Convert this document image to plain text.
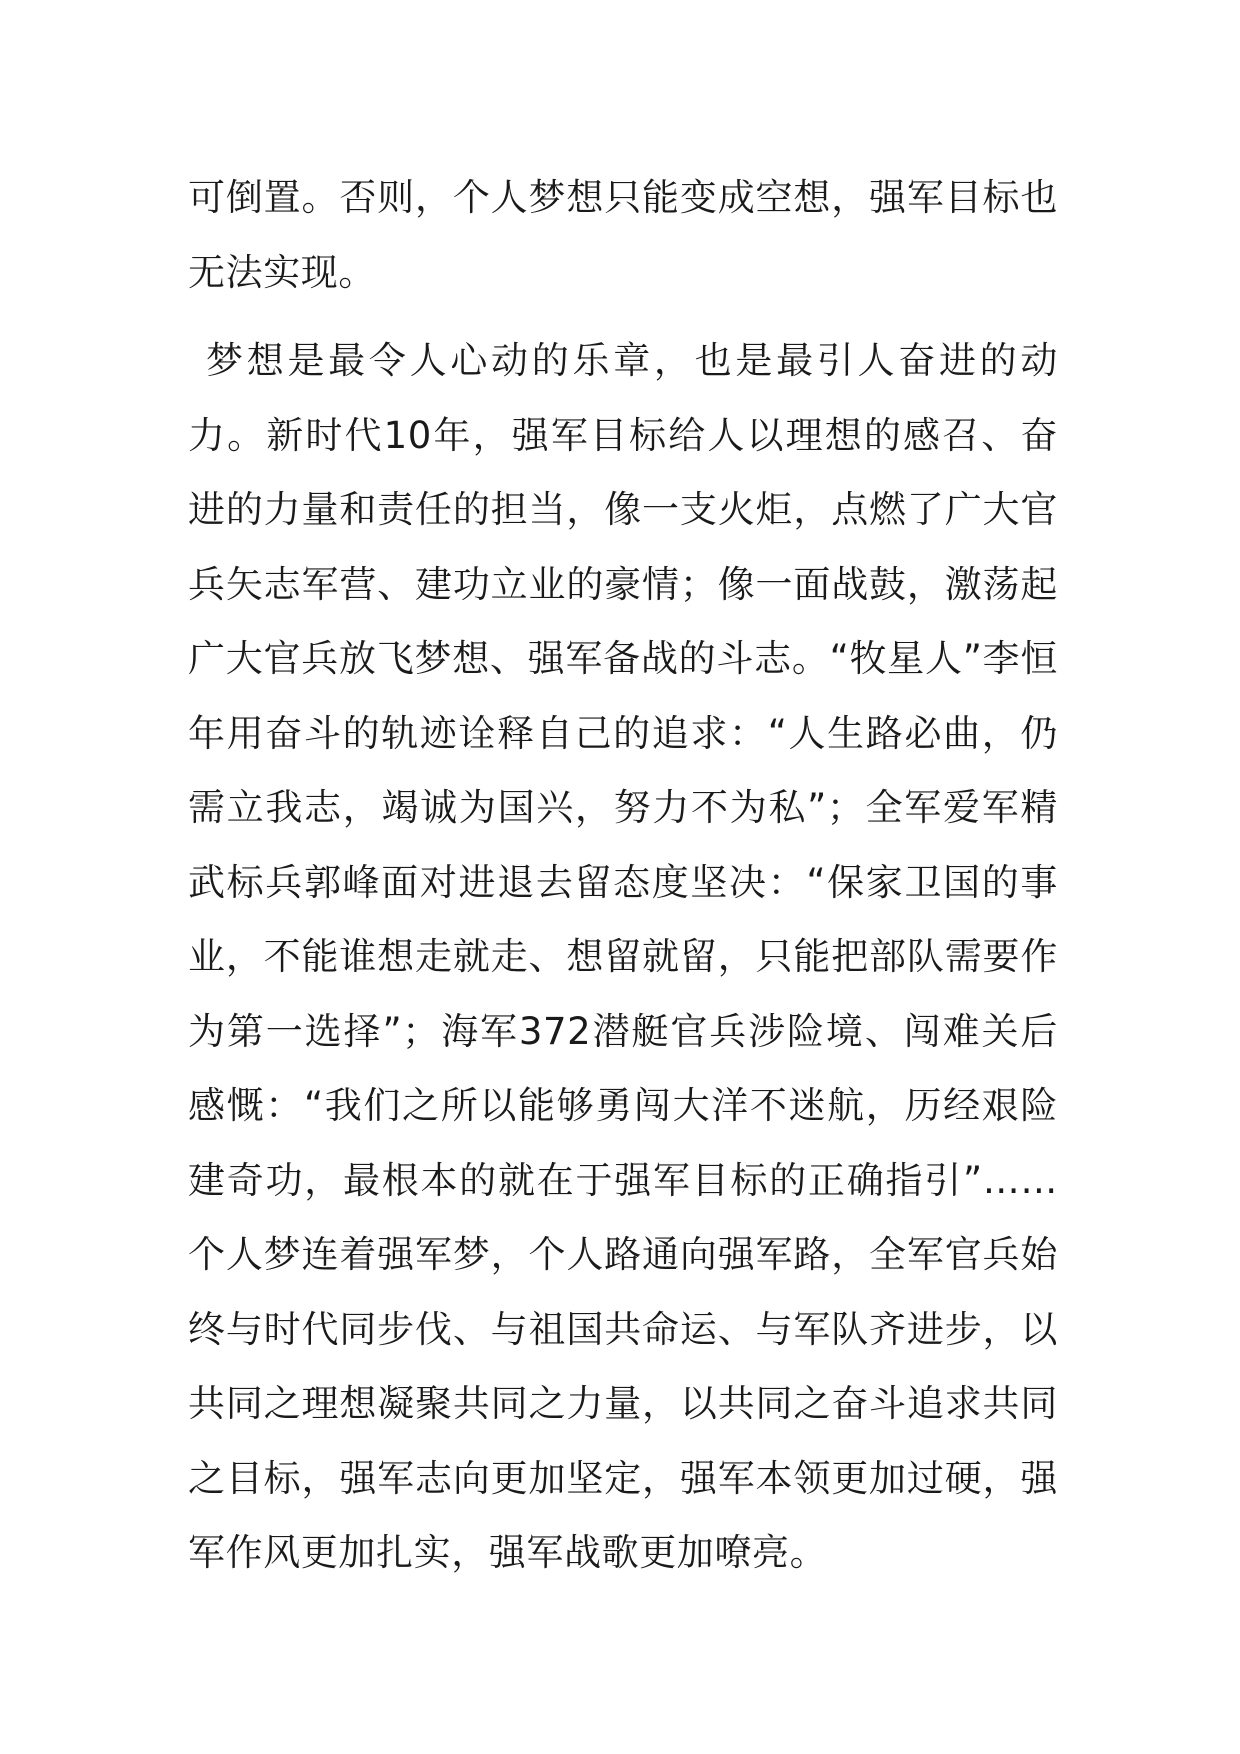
可倒置。否则，个人梦想只能变成空想，强军目标也无法实现。

梦想是最令人心动的乐章，也是最引人奋进的动力。新时代10年，强军目标给人以理想的感召、奋进的力量和责任的担当，像一支火炬，点燃了广大官兵矢志军营、建功立业的豪情；像一面战鼓，激荡起广大官兵放飞梦想、强军备战的斗志。“牧星人”李恒年用奋斗的轨迹诠释自己的追求：“人生路必曲，仍需立我志，竭诚为国兴，努力不为私”；全军爱军精武标兵郭峰面对进退去留态度坚决：“保家卫国的事业，不能谁想走就走、想留就留，只能把部队需要作为第一选择”；海军372潜艇官兵涉险境、闯难关后感慨：“我们之所以能够勇闯大洋不迷航，历经艰险建奇功，最根本的就在于强军目标的正确指引”……个人梦连着强军梦，个人路通向强军路，全军官兵始终与时代同步伐、与祖国共命运、与军队齐进步，以共同之理想凝聚共同之力量，以共同之奋斗追求共同之目标，强军志向更加坚定，强军本领更加过硬，强军作风更加扎实，强军战歌更加嘹亮。
